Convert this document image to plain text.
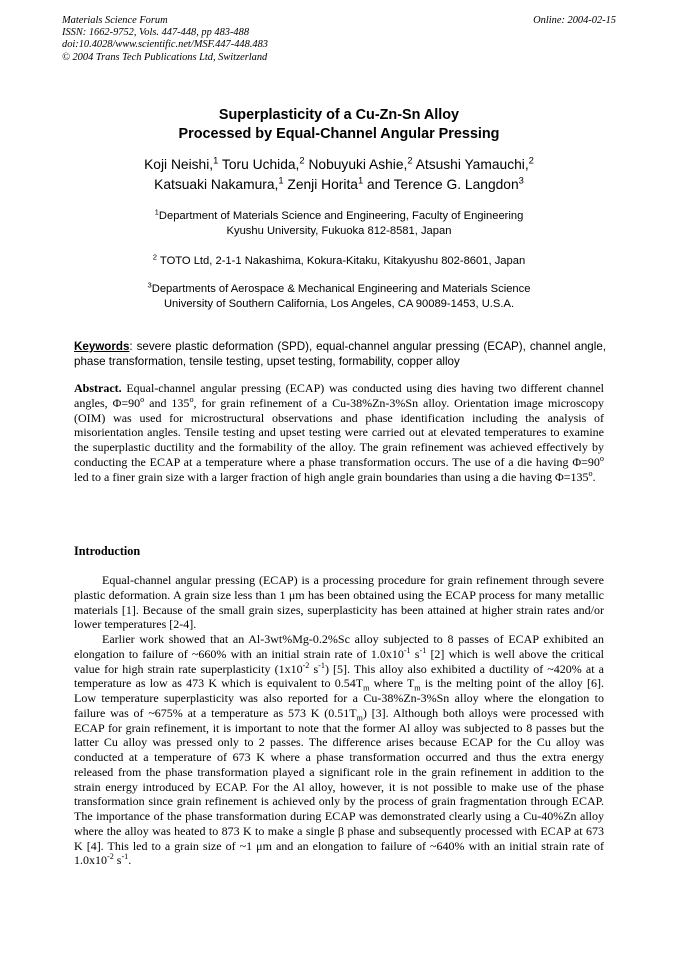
Materials Science Forum
ISSN: 1662-9752, Vols. 447-448, pp 483-488
doi:10.4028/www.scientific.net/MSF.447-448.483
© 2004 Trans Tech Publications Ltd, Switzerland
Online: 2004-02-15
Superplasticity of a Cu-Zn-Sn Alloy
Processed by Equal-Channel Angular Pressing
Koji Neishi,$^1$ Toru Uchida,$^2$ Nobuyuki Ashie,$^2$ Atsushi Yamauchi,$^2$
Katsuaki Nakamura,$^1$ Zenji Horita$^1$ and Terence G. Langdon$^3$
$^1$Department of Materials Science and Engineering, Faculty of Engineering
Kyushu University, Fukuoka 812-8581, Japan
$^2$ TOTO Ltd, 2-1-1 Nakashima, Kokura-Kitaku, Kitakyushu 802-8601, Japan
$^3$Departments of Aerospace & Mechanical Engineering and Materials Science
University of Southern California, Los Angeles, CA 90089-1453, U.S.A.
Keywords: severe plastic deformation (SPD), equal-channel angular pressing (ECAP), channel angle, phase transformation, tensile testing, upset testing, formability, copper alloy
Abstract. Equal-channel angular pressing (ECAP) was conducted using dies having two different channel angles, $\Phi=90^o$ and 135$^o$, for grain refinement of a Cu-38%Zn-3%Sn alloy. Orientation image microscopy (OIM) was used for microstructural observations and phase identification including the analysis of misorientation angles. Tensile testing and upset testing were carried out at elevated temperatures to examine the superplastic ductility and the formability of the alloy. The grain refinement was achieved effectively by conducting the ECAP at a temperature where a phase transformation occurs. The use of a die having $\Phi=90^o$ led to a finer grain size with a larger fraction of high angle grain boundaries than using a die having $\Phi=135^o$.
Introduction

Equal-channel angular pressing (ECAP) is a processing procedure for grain refinement through severe plastic deformation. A grain size less than 1 μm has been obtained using the ECAP process for many metallic materials [1]. Because of the small grain sizes, superplasticity has been attained at higher strain rates and/or lower temperatures [2-4].

Earlier work showed that an Al-3wt%Mg-0.2%Sc alloy subjected to 8 passes of ECAP exhibited an elongation to failure of ~660% with an initial strain rate of $1.0x10^{-1}$ $s^{-1}$ [2] which is well above the critical value for high strain rate superplasticity ($1x10^{-2}$ $s^{-1}$) [5]. This alloy also exhibited a ductility of ~420% at a temperature as low as 473 K which is equivalent to $0.54T_m$ where $T_m$ is the melting point of the alloy [6]. Low temperature superplasticity was also reported for a Cu-38%Zn-3%Sn alloy where the elongation to failure was of ~675% at a temperature as 573 K $(0.51T_m)$ [3]. Although both alloys were processed with ECAP for grain refinement, it is important to note that the former Al alloy was subjected to 8 passes but the latter Cu alloy was pressed only to 2 passes. The difference arises because ECAP for the Cu alloy was conducted at a temperature of 673 K where a phase transformation occurred and thus the extra energy released from the phase transformation played a significant role in the grain refinement in addition to the strain energy introduced by ECAP. For the Al alloy, however, it is not possible to make use of the phase transformation since grain refinement is achieved only by the process of grain fragmentation through ECAP. The importance of the phase transformation during ECAP was demonstrated clearly using a Cu-40%Zn alloy where the alloy was heated to 873 K to make a single β phase and subsequently processed with ECAP at 673 K [4]. This led to a grain size of ~1 μm and an elongation to failure of ~640% with an initial strain rate of $1.0x10^{-2}$ $s^{-1}$.
